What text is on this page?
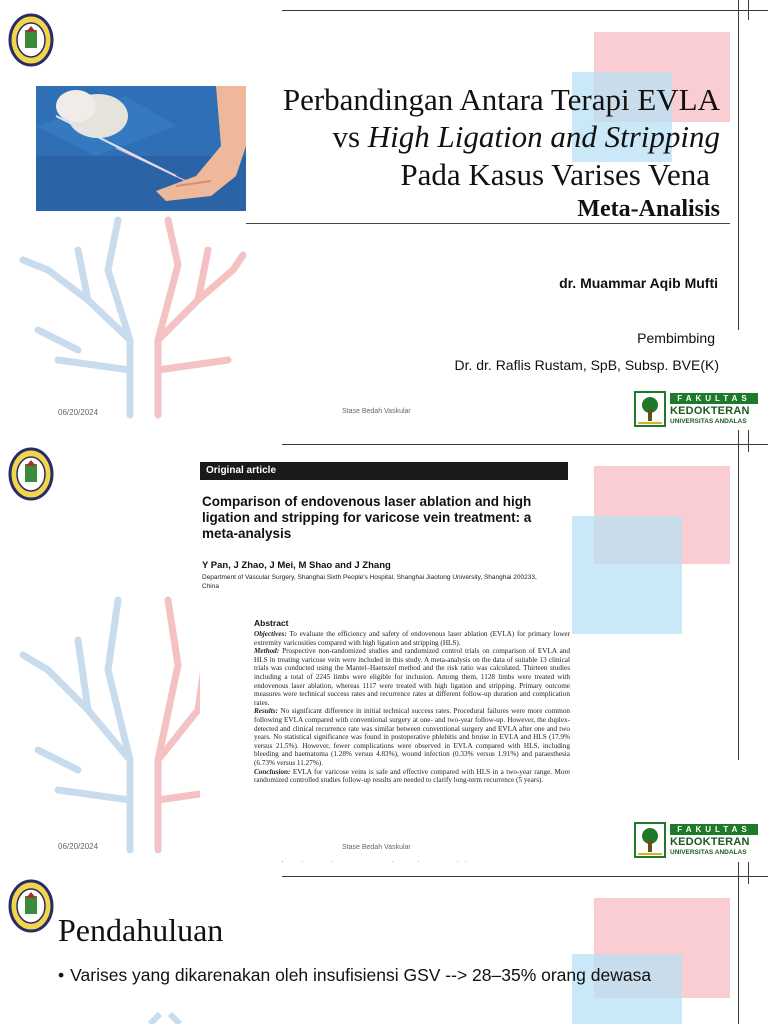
Perbandingan Antara Terapi EVLA
vs High Ligation and Stripping
Pada Kasus Varises Vena
Meta-Analisis
dr. Muammar Aqib Mufti
Pembimbing
Dr. dr. Raflis Rustam, SpB, Subsp. BVE(K)
06/20/2024	Stase Bedah Vaskular
FAKULTAS
KEDOKTERAN
UNIVERSITAS ANDALAS
Original article
Comparison of endovenous laser ablation and high ligation and stripping for varicose vein treatment: a meta-analysis
Y Pan, J Zhao, J Mei, M Shao and J Zhang
Department of Vascular Surgery, Shanghai Sixth People's Hospital, Shanghai Jiaotong University, Shanghai 200233, China
Abstract

Objectives: To evaluate the efficiency and safety of endovenous laser ablation (EVLA) for primary lower extremity varicosities compared with high ligation and stripping (HLS).

Method: Prospective non-randomized studies and randomized control trials on comparison of EVLA and HLS in treating varicose vein were included in this study. A meta-analysis on the data of suitable 13 clinical trials was conducted using the Mantel–Haenszel method and the risk ratio was calculated. Thirteen studies including a total of 2245 limbs were eligible for inclusion. Among them, 1128 limbs were treated with endovenous laser ablation, whereas 1117 were treated with high ligation and stripping. Primary outcome measures were technical success rates and recurrence rates at different follow-up duration and complication rates.

Results: No significant difference in initial technical success rates. Procedural failures were more common following EVLA compared with conventional surgery at one- and two-year follow-up. However, the duplex-detected and clinical recurrence rate was similar between conventional surgery and EVLA after one and two years. No statistical significance was found in postoperative phlebitis and bruise in EVLA and HLS (17.9% versus 21.5%). However, fewer complications were observed in EVLA compared with HLS, including bleeding and haematoma (1.28% versus 4.83%), wound infection (0.33% versus 1.91%) and paraesthesia (6.73% versus 11.27%).

Conclusion: EVLA for varicose veins is safe and effective compared with HLS in a two-year range. More randomized controlled studies follow-up results are needed to clarify long-term recurrence (5 years).

06/20/2024	Stase Bedah Vaskular
FAKULTAS
KEDOKTERAN
UNIVERSITAS ANDALAS
Pendahuluan
• Varises yang dikarenakan oleh insufisiensi GSV --> 28–35% orang dewasa
